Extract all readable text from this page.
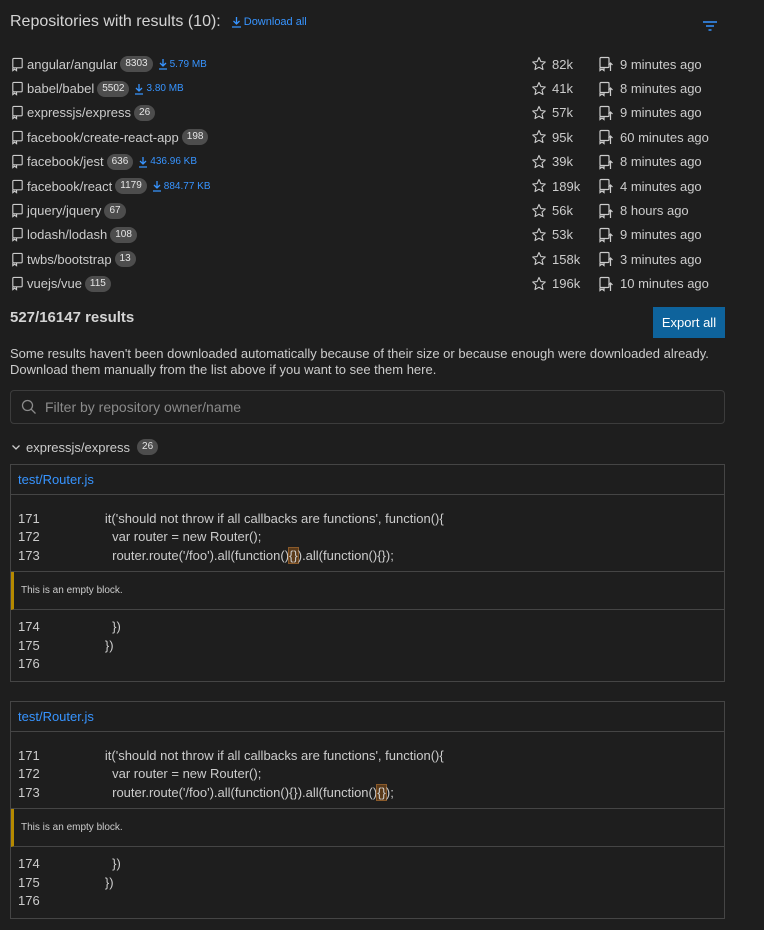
Repositories with results (10): Download all
angular/angular 8303	5.79 MB	82k	9 minutes ago
babel/babel 5502	3.80 MB	41k	8 minutes ago
expressjs/express 26	57k	9 minutes ago
facebook/create-react-app 198	95k	60 minutes ago
facebook/jest 636	436.96 KB	39k	8 minutes ago
facebook/react 1179	884.77 KB	189k	4 minutes ago
jquery/jquery 67	56k	8 hours ago
lodash/lodash 108	53k	9 minutes ago
twbs/bootstrap 13	158k	3 minutes ago
vuejs/vue 115	196k	10 minutes ago
527/16147 results	Export all
Some results haven't been downloaded automatically because of their size or because enough were downloaded already. Download them manually from the list above if you want to see them here.
Filter by repository owner/name
expressjs/express	26
test/Router.js
171	it('should not throw if all callbacks are functions', function(){
172	var router = new Router();
173	router.route('/foo').all(function() {} ).all(function(){});
This is an empty block.
174	})
175	})
176
test/Router.js
171	it('should not throw if all callbacks are functions', function(){
172	var router = new Router();
173	router.route('/foo').all(function(){}).all(function() {} );
This is an empty block.
174	})
175	})
176
